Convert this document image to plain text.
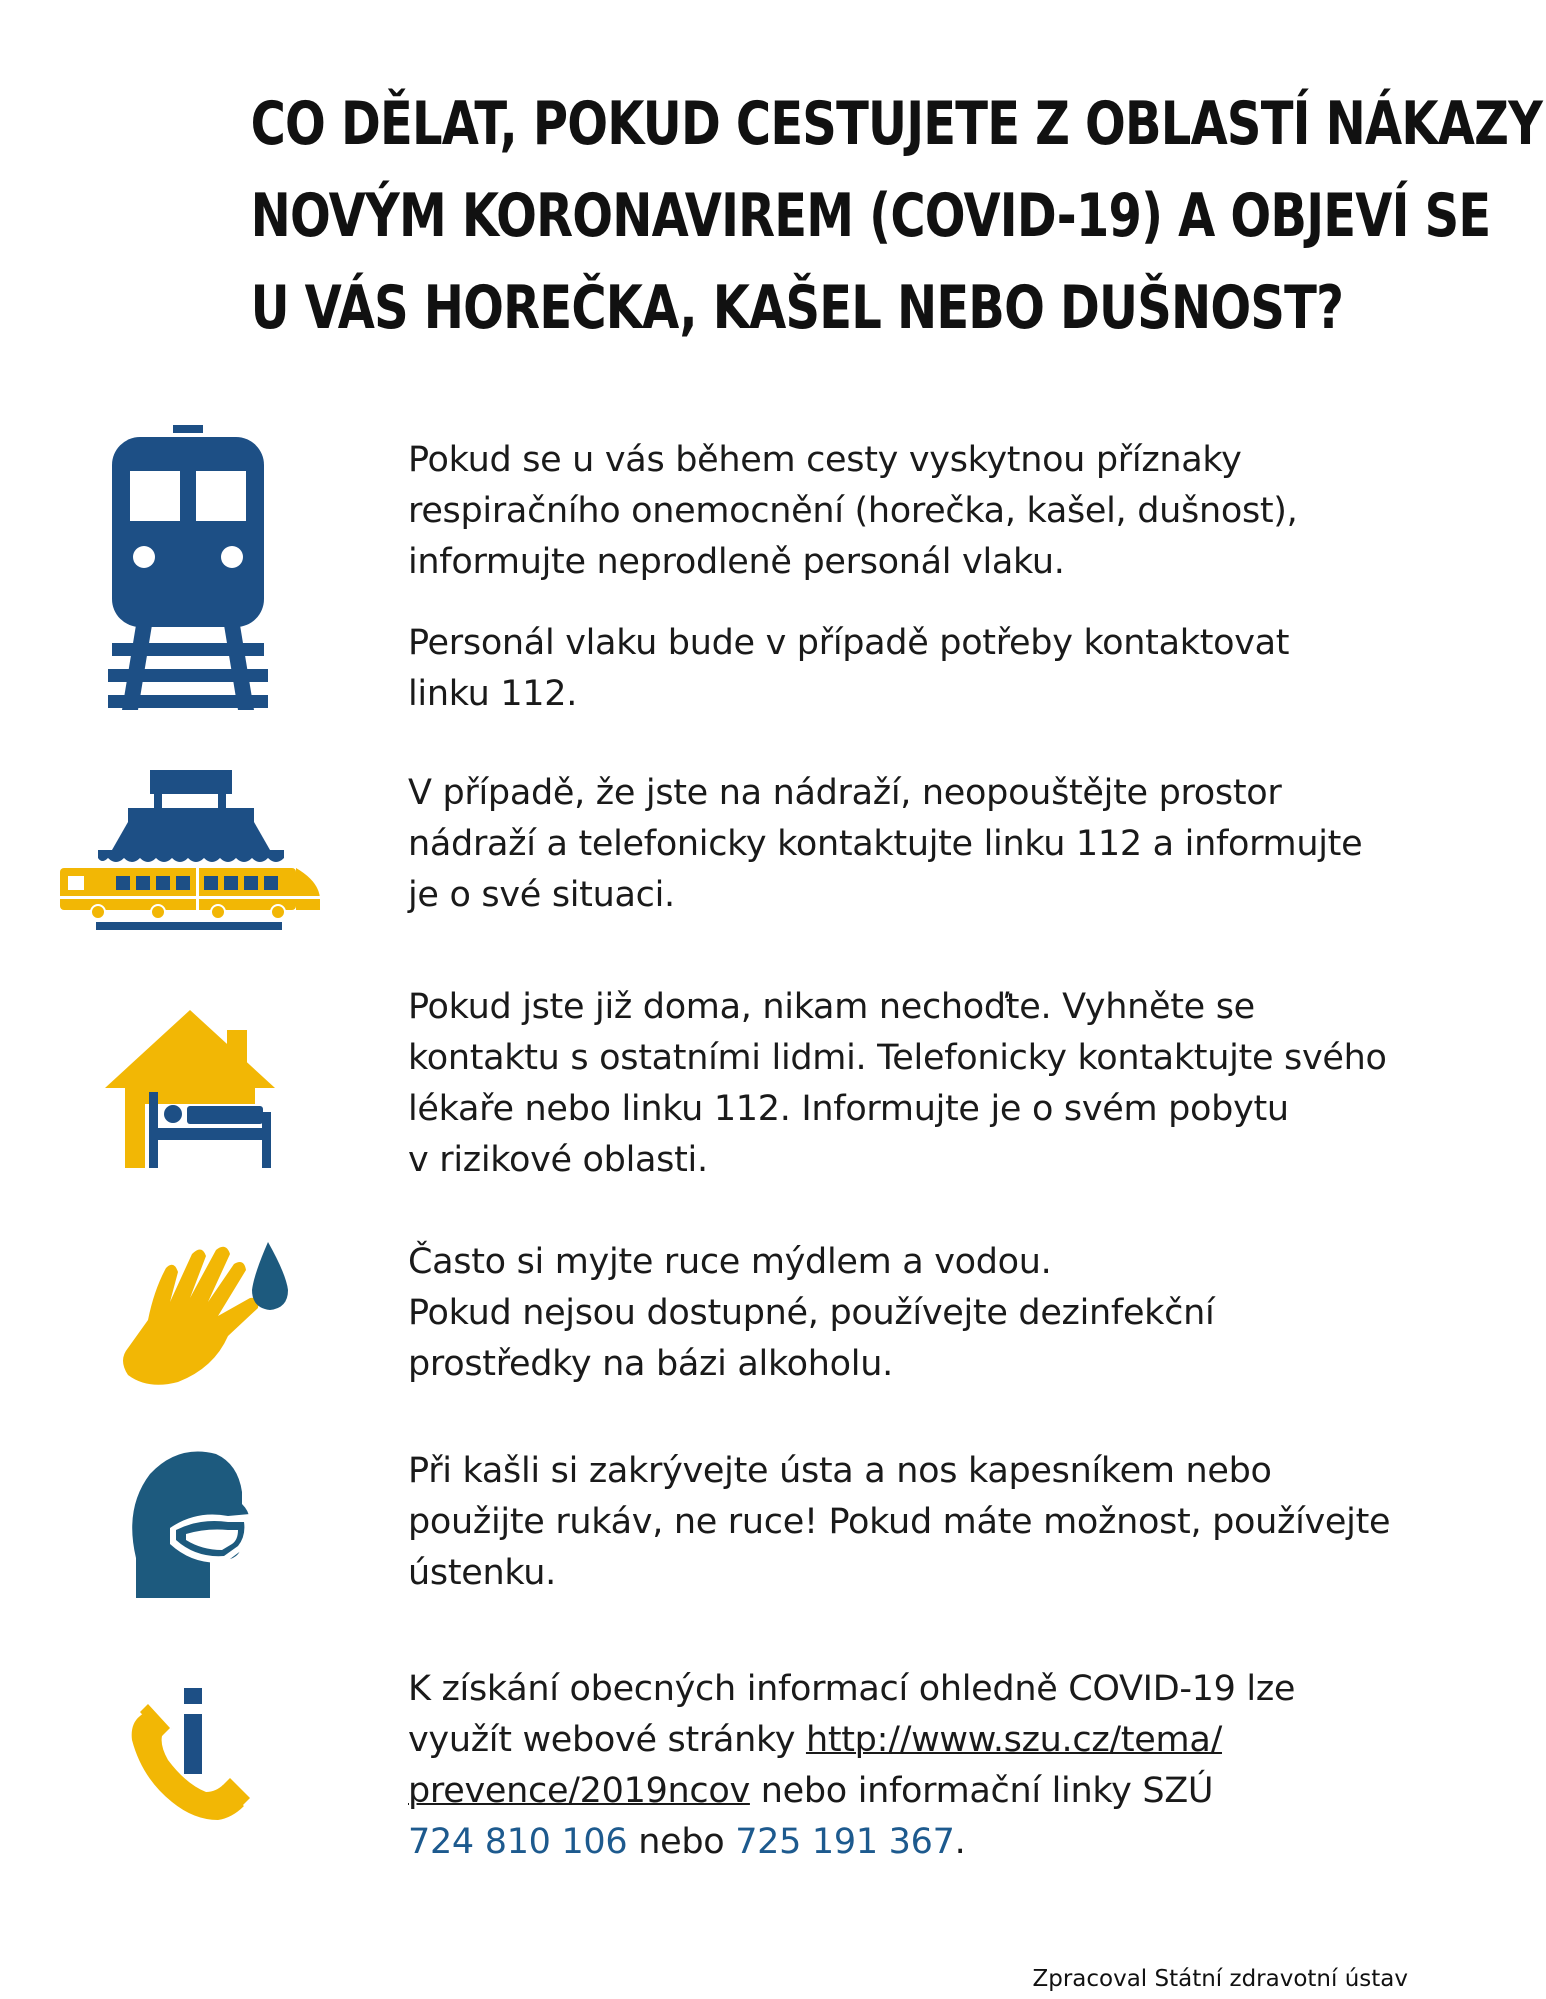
CO DĚLAT, POKUD CESTUJETE Z OBLASTÍ NÁKAZY
NOVÝM KORONAVIREM (COVID-19) A OBJEVÍ SE
U VÁS HOREČKA, KAŠEL NEBO DUŠNOST?

Pokud se u vás během cesty vyskytnou příznaky

respiračního onemocnění (horečka, kašel, dušnost),

informujte neprodleně personál vlaku.

Personál vlaku bude v případě potřeby kontaktovat

linku 112.

V případě, že jste na nádraží, neopouštějte prostor

nádraží a telefonicky kontaktujte linku 112 a informujte

je o své situaci.

Pokud jste již doma, nikam nechoďte. Vyhněte se

kontaktu s ostatními lidmi. Telefonicky kontaktujte svého

lékaře nebo linku 112. Informujte je o svém pobytu

v rizikové oblasti.

Často si myjte ruce mýdlem a vodou.

Pokud nejsou dostupné, používejte dezinfekční

prostředky na bázi alkoholu.

Při kašli si zakrývejte ústa a nos kapesníkem nebo

použijte rukáv, ne ruce! Pokud máte možnost, používejte

ústenku.

K získání obecných informací ohledně COVID-19 lze

využít webové stránky http://www.szu.cz/tema/

prevence/2019ncov nebo informační linky SZÚ

724 810 106 nebo 725 191 367.

Zpracoval Státní zdravotní ústav
